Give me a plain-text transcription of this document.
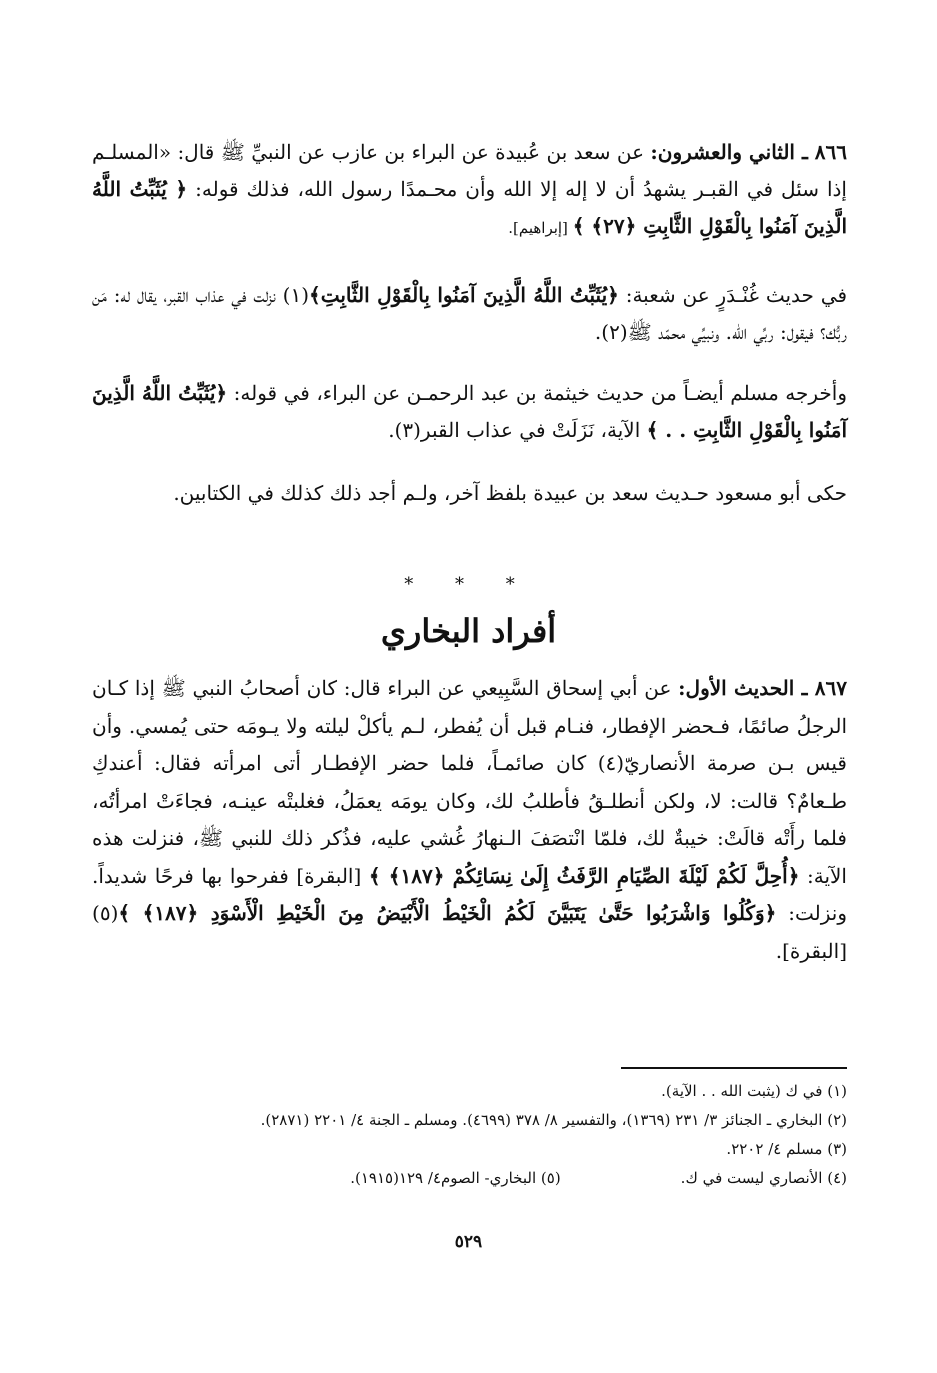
٨٦٦ ـ الثاني والعشرون: عن سعد بن عُبيدة عن البراء بن عازب عن النبيِّ ﷺ قال: «المسلـم إذا سئل في القبـر يشهدُ أن لا إله إلا الله وأن محـمدًا رسول الله، فذلك قوله: ﴿ يُثَبِّتُ اللَّهُ الَّذِينَ آمَنُوا بِالْقَوْلِ الثَّابِتِ ﴿٢٧﴾ ﴾ [إبراهيم].

في حديث غُنْـدَرٍ عن شعبة: ﴿يُثَبِّتُ اللَّهُ الَّذِينَ آمَنُوا بِالْقَوْلِ الثَّابِتِ﴾(١) نزلت في عذاب القبر، يقال له: مَن ربُّك؟ فيقول: ربِّي الله. ونبيِّي محمّد ﷺ(٢).

وأخرجه مسلم أيضـاً من حديث خيثمة بن عبد الرحمـن عن البراء، في قوله: ﴿يُثَبِّتُ اللَّهُ الَّذِينَ آمَنُوا بِالْقَوْلِ الثَّابِتِ . . ﴾ الآية، نَزَلَتْ في عذاب القبر(٣).

حكى أبو مسعود حـديث سعد بن عبيدة بلفظ آخر، ولـم أجد ذلك كذلك في الكتابين.

* * *
أفراد البخاري

٨٦٧ ـ الحديث الأول: عن أبي إسحاق السَّبِيعي عن البراء قال: كان أصحابُ النبي ﷺ إذا كـان الرجلُ صائمًا، فـحضر الإفطار، فنـام قبل أن يُفطر، لـم يأكلْ ليلته ولا يـومَه حتى يُمسي. وأن قيس بـن صرمة الأنصاريّ(٤) كان صائمـاً، فلما حضر الإفطـار أتى امرأته فقال: أعندكِ طـعامٌ؟ قالت: لا، ولكن أنطلـقُ فأطلبُ لك، وكان يومَه يعمَلُ، فغلبتْه عينـه، فجاءَتْ امرأتُه، فلما رأَتْه قالَتْ: خيبةٌ لك، فلمّا انْتصَفَ الـنهارُ غُشي عليه، فذُكر ذلك للنبي ﷺ، فنزلت هذه الآية: ﴿أُحِلَّ لَكُمْ لَيْلَةَ الصِّيَامِ الرَّفَثُ إِلَىٰ نِسَائِكُمْ ﴿١٨٧﴾ ﴾ [البقرة] ففرحوا بها فرحًا شديداً. ونزلت: ﴿وَكُلُوا وَاشْرَبُوا حَتَّىٰ يَتَبَيَّنَ لَكُمُ الْخَيْطُ الْأَبْيَضُ مِنَ الْخَيْطِ الْأَسْوَدِ ﴿١٨٧﴾ ﴾(٥) [البقرة].

(١) في ك (يثبت الله . . الآية).
(٢) البخاري ـ الجنائز ٣/ ٢٣١ (١٣٦٩)، والتفسير ٨/ ٣٧٨ (٤٦٩٩). ومسلم ـ الجنة ٤/ ٢٢٠١ (٢٨٧١).
(٣) مسلم ٤/ ٢٢٠٢.
(٤) الأنصاري ليست في ك.
(٥) البخاري- الصوم٤/ ١٢٩(١٩١٥).
٥٢٩
